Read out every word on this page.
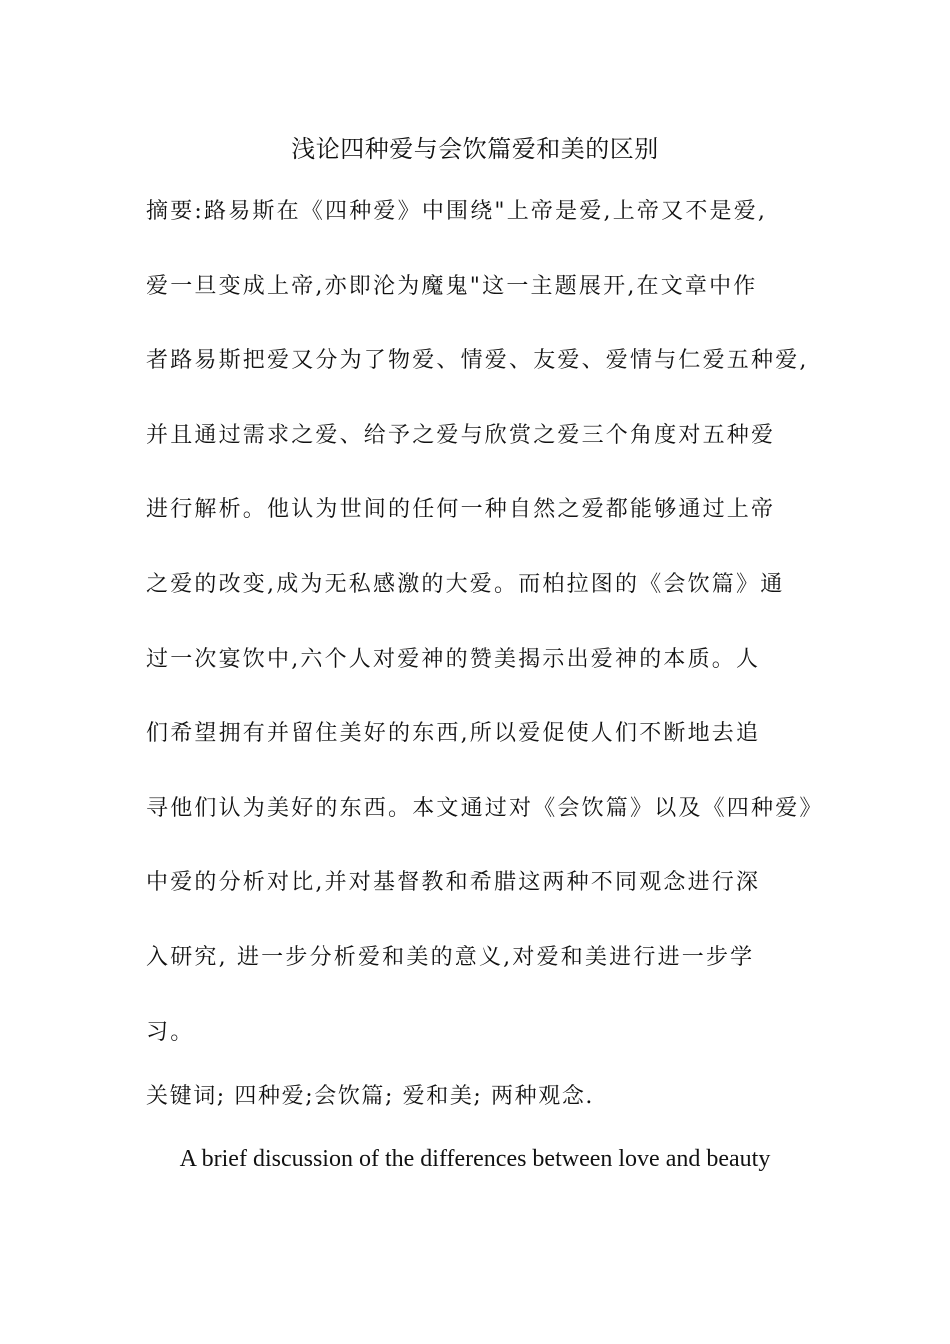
浅论四种爱与会饮篇爱和美的区别
摘要:路易斯在《四种爱》中围绕"上帝是爱,上帝又不是爱,
爱一旦变成上帝,亦即沦为魔鬼"这一主题展开,在文章中作
者路易斯把爱又分为了物爱、情爱、友爱、爱情与仁爱五种爱,
并且通过需求之爱、给予之爱与欣赏之爱三个角度对五种爱
进行解析。他认为世间的任何一种自然之爱都能够通过上帝
之爱的改变,成为无私感激的大爱。而柏拉图的《会饮篇》通
过一次宴饮中,六个人对爱神的赞美揭示出爱神的本质。人
们希望拥有并留住美好的东西,所以爱促使人们不断地去追
寻他们认为美好的东西。本文通过对《会饮篇》以及《四种爱》
中爱的分析对比,并对基督教和希腊这两种不同观念进行深
入研究, 进一步分析爱和美的意义,对爱和美进行进一步学
习。
关键词; 四种爱;会饮篇; 爱和美; 两种观念.
A brief discussion of the differences between love and beauty
